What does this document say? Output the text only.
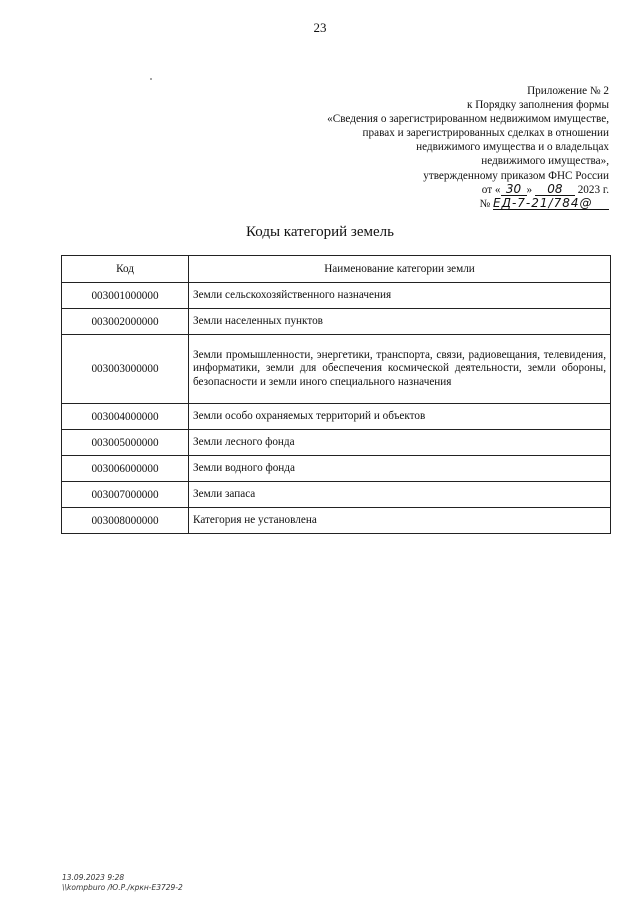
23
Приложение № 2
к Порядку заполнения формы
«Сведения о зарегистрированном недвижимом имуществе,
правах и зарегистрированных сделках в отношении
недвижимого имущества и о владельцах
недвижимого имущества»,
утвержденному приказом ФНС России
от « 30 » 08 2023 г.
№ ЕД-7-21/784@
Коды категорий земель
Код	Наименование категории земли
003001000000	Земли сельскохозяйственного назначения
003002000000	Земли населенных пунктов
003003000000	Земли промышленности, энергетики, транспорта, связи, радиовещания, телевидения, информатики, земли для обеспечения космической деятельности, земли обороны, безопасности и земли иного специального назначения
003004000000	Земли особо охраняемых территорий и объектов
003005000000	Земли лесного фонда
003006000000	Земли водного фонда
003007000000	Земли запаса
003008000000	Категория не установлена
13.09.2023 9:28
\\kompburo /Ю.Р./кркн-Е3729-2
